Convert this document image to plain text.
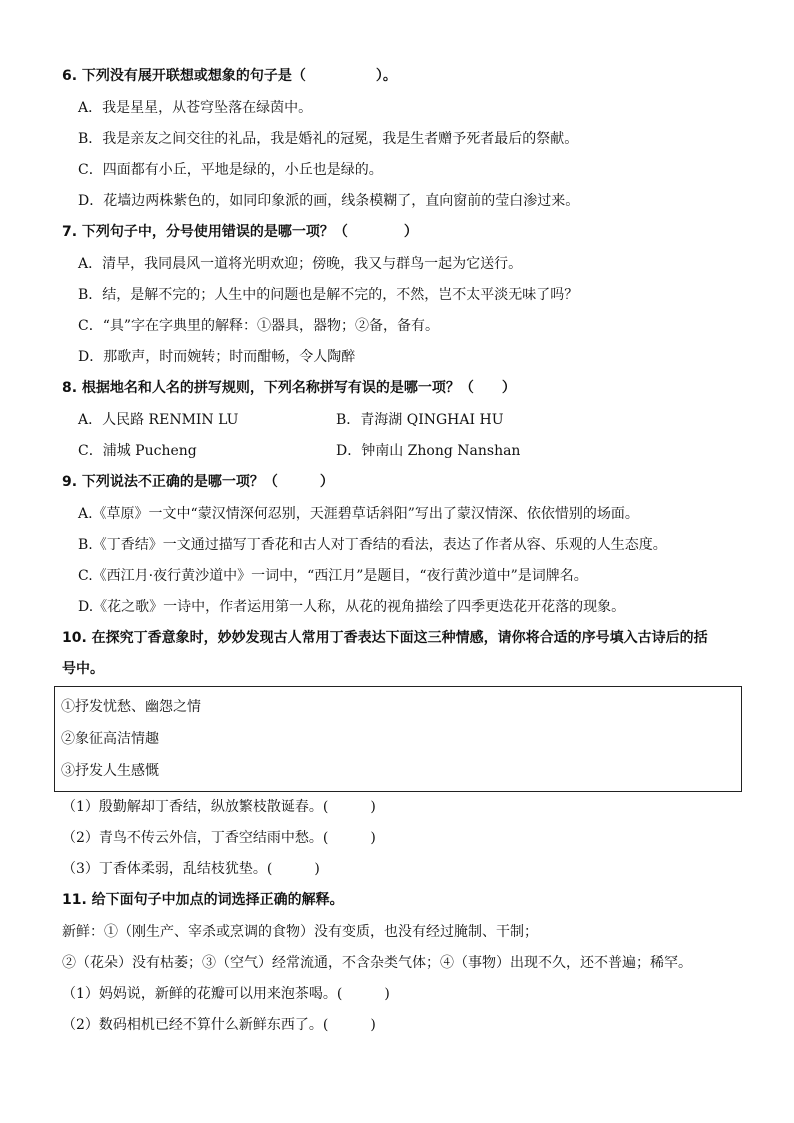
6. 下列没有展开联想或想象的句子是（　　　　　）。
A．我是星星，从苍穹坠落在绿茵中。
B．我是亲友之间交往的礼品，我是婚礼的冠冕，我是生者赠予死者最后的祭献。
C．四面都有小丘，平地是绿的，小丘也是绿的。
D．花墙边两株紫色的，如同印象派的画，线条模糊了，直向窗前的莹白渗过来。
7. 下列句子中，分号使用错误的是哪一项？（　　　　）
A．清早，我同晨风一道将光明欢迎；傍晚，我又与群鸟一起为它送行。
B．结，是解不完的；人生中的问题也是解不完的，不然，岂不太平淡无味了吗？
C．“具”字在字典里的解释：①器具，器物；②备，备有。
D．那歌声，时而婉转；时而酣畅，令人陶醉
8. 根据地名和人名的拼写规则，下列名称拼写有误的是哪一项？（　　）
A．人民路 RENMIN LU	B．青海湖 QINGHAI HU
C．浦城 Pucheng	D．钟南山 Zhong Nanshan
9. 下列说法不正确的是哪一项？（　　　）
A.《草原》一文中“蒙汉情深何忍别，天涯碧草话斜阳”写出了蒙汉情深、依依惜别的场面。
B.《丁香结》一文通过描写丁香花和古人对丁香结的看法，表达了作者从容、乐观的人生态度。
C.《西江月·夜行黄沙道中》一词中，“西江月”是题目，“夜行黄沙道中”是词牌名。
D.《花之歌》一诗中，作者运用第一人称，从花的视角描绘了四季更迭花开花落的现象。
10. 在探究丁香意象时，妙妙发现古人常用丁香表达下面这三种情感，请你将合适的序号填入古诗后的括
号中。
①抒发忧愁、幽怨之情
②象征高洁情趣
③抒发人生感慨
（1）殷勤解却丁香结，纵放繁枝散诞春。(　　　)
（2）青鸟不传云外信，丁香空结雨中愁。(　　　)
（3）丁香体柔弱，乱结枝犹垫。(　　　)
11. 给下面句子中加点的词选择正确的解释。
新鲜：①（刚生产、宰杀或烹调的食物）没有变质，也没有经过腌制、干制；
②（花朵）没有枯萎；③（空气）经常流通，不含杂类气体；④（事物）出现不久，还不普遍；稀罕。
（1）妈妈说，新鲜的花瓣可以用来泡茶喝。(　　　)
（2）数码相机已经不算什么新鲜东西了。(　　　)
